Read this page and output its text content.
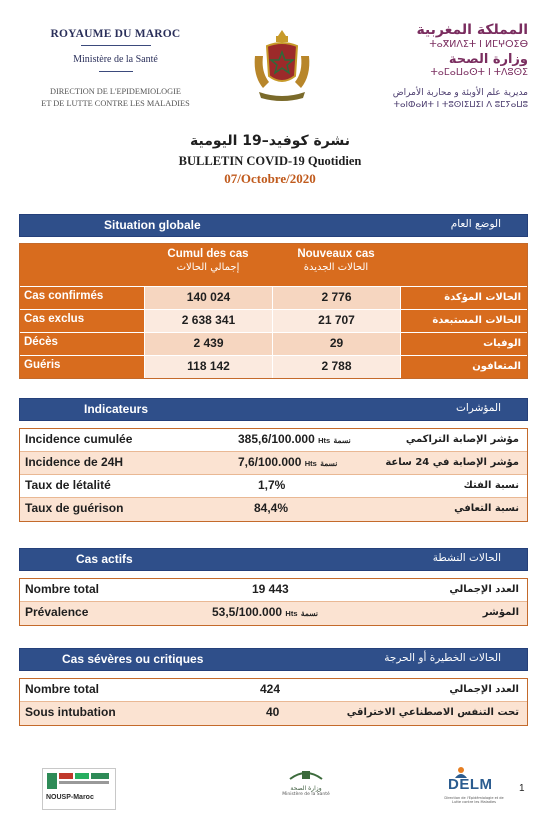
ROYAUME DU MAROC
Ministère de la Santé
DIRECTION DE L'EPIDEMIOLOGIE
ET DE LUTTE CONTRE LES MALADIES
المملكة المغربية
ⵜⴰⴳⵍⴷⵉⵜ ⵏ ⵍⵎⵖⵔⵉⴱ
وزارة الصحة
ⵜⴰⵎⴰⵡⴰⵙⵜ ⵏ ⵜⴷⵓⵙⵉ
مديرية علم الأوبئة و محاربة الأمراض
ⵜⴰⵏⵀⴰⵍⵜ ⵏ ⵜⵓⵙⵏⵉⵡⵉⵏ ⴷ ⵓⵎⵢⴰⵡⵓ
نشرة كوفيد–19 اليومية
BULLETIN COVID-19 Quotidien
07/Octobre/2020
Situation globale	الوضع العام
Cumul des cas
إجمالي الحالات
Nouveaux cas
الحالات الجديدة
Cas confirmés	140 024	2 776	الحالات المؤكدة
Cas exclus	2 638 341	21 707	الحالات المستبعدة
Décès	2 439	29	الوفيات
Guéris	118 142	2 788	المتعافون
Indicateurs	المؤشرات
Incidence cumulée	385,6/100.000 Hts نسمة	مؤشر الإصابة التراكمي
Incidence de 24H	7,6/100.000 Hts نسمة	مؤشر الإصابة في 24 ساعة
Taux de létalité	1,7%	نسبة الفتك
Taux de guérison	84,4%	نسبة التعافي
Cas actifs	الحالات النشطة
Nombre total	19 443	العدد الإجمالي
Prévalence	53,5/100.000 Hts نسمة	المؤشر
Cas sévères ou critiques	الحالات الخطيرة أو الحرجة
Nombre total	424	العدد الإجمالي
Sous intubation	40	تحت التنفس الاصطناعي الاختراقي
NOUSP-Maroc
وزارة الصحة
Ministère de la Santé
DELM
Direction de l'Epidémiologie et de Lutte contre les Maladies
1
